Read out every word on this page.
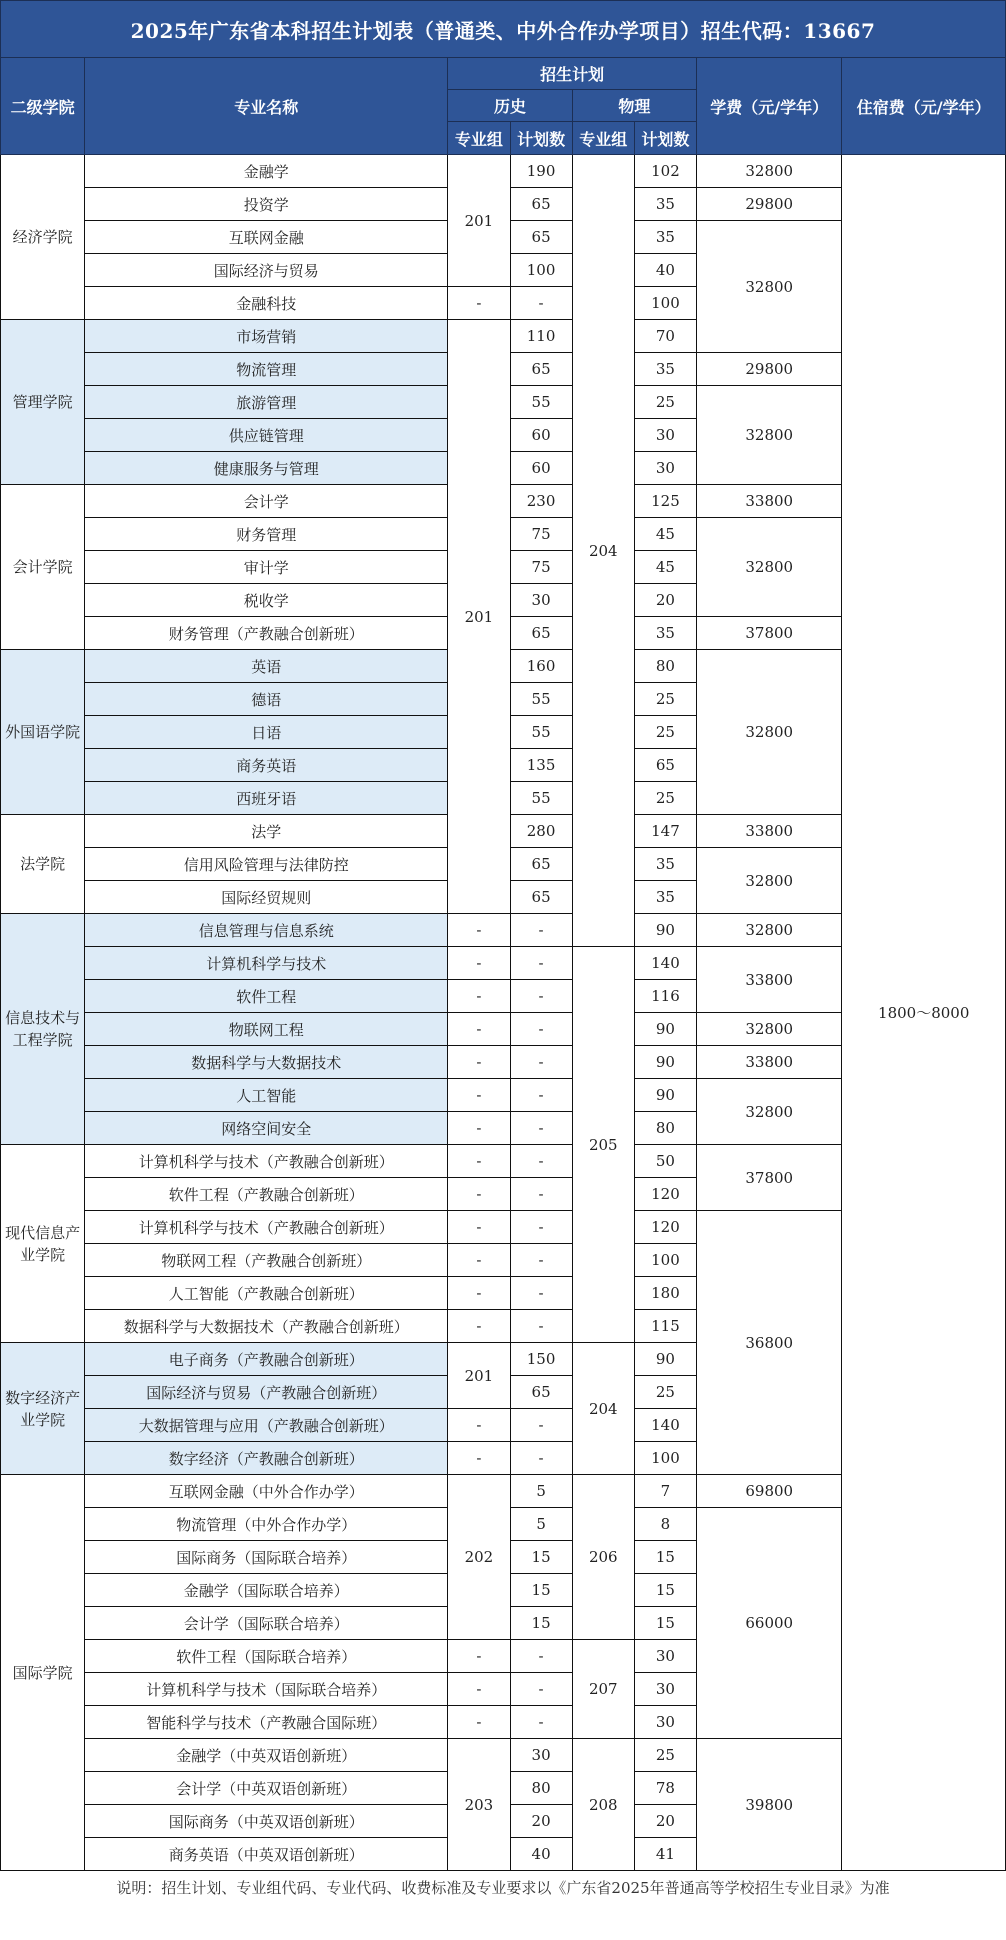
2025年广东省本科招生计划表（普通类、中外合作办学项目）招生代码：13667							
二级学院	专业名称	招生计划				学费（元/学年）	住宿费（元/学年）
		历史		物理			
		专业组	计划数	专业组	计划数		
经济学院	金融学	201	190	204	102	32800	1800～8000
	投资学		65		35	29800	
	互联网金融		65		35	32800	
	国际经济与贸易		100		40		
	金融科技	-	-		100		
管理学院	市场营销	201	110		70		
	物流管理		65		35	29800	
	旅游管理		55		25	32800	
	供应链管理		60		30		
	健康服务与管理		60		30		
会计学院	会计学		230		125	33800	
	财务管理		75		45	32800	
	审计学		75		45		
	税收学		30		20		
	财务管理（产教融合创新班）		65		35	37800	
外国语学院	英语		160		80	32800	
	德语		55		25		
	日语		55		25		
	商务英语		135		65		
	西班牙语		55		25		
法学院	法学		280		147	33800	
	信用风险管理与法律防控		65		35	32800	
	国际经贸规则		65		35		
信息技术与工程学院	信息管理与信息系统	-	-		90	32800	
	计算机科学与技术	-	-	205	140	33800	
	软件工程	-	-		116		
	物联网工程	-	-		90	32800	
	数据科学与大数据技术	-	-		90	33800	
	人工智能	-	-		90	32800	
	网络空间安全	-	-		80		
现代信息产业学院	计算机科学与技术（产教融合创新班）	-	-		50	37800	
	软件工程（产教融合创新班）	-	-		120		
	计算机科学与技术（产教融合创新班）	-	-		120	36800	
	物联网工程（产教融合创新班）	-	-		100		
	人工智能（产教融合创新班）	-	-		180		
	数据科学与大数据技术（产教融合创新班）	-	-		115		
数字经济产业学院	电子商务（产教融合创新班）	201	150	204	90		
	国际经济与贸易（产教融合创新班）		65		25		
	大数据管理与应用（产教融合创新班）	-	-		140		
	数字经济（产教融合创新班）	-	-		100		
国际学院	互联网金融（中外合作办学）	202	5	206	7	69800	
	物流管理（中外合作办学）		5		8	66000	
	国际商务（国际联合培养）		15		15		
	金融学（国际联合培养）		15		15		
	会计学（国际联合培养）		15		15		
	软件工程（国际联合培养）	-	-	207	30		
	计算机科学与技术（国际联合培养）	-	-		30		
	智能科学与技术（产教融合国际班）	-	-		30		
	金融学（中英双语创新班）	203	30	208	25	39800	
	会计学（中英双语创新班）		80		78		
	国际商务（中英双语创新班）		20		20		
	商务英语（中英双语创新班）		40		41		
说明：招生计划、专业组代码、专业代码、收费标准及专业要求以《广东省2025年普通高等学校招生专业目录》为准
